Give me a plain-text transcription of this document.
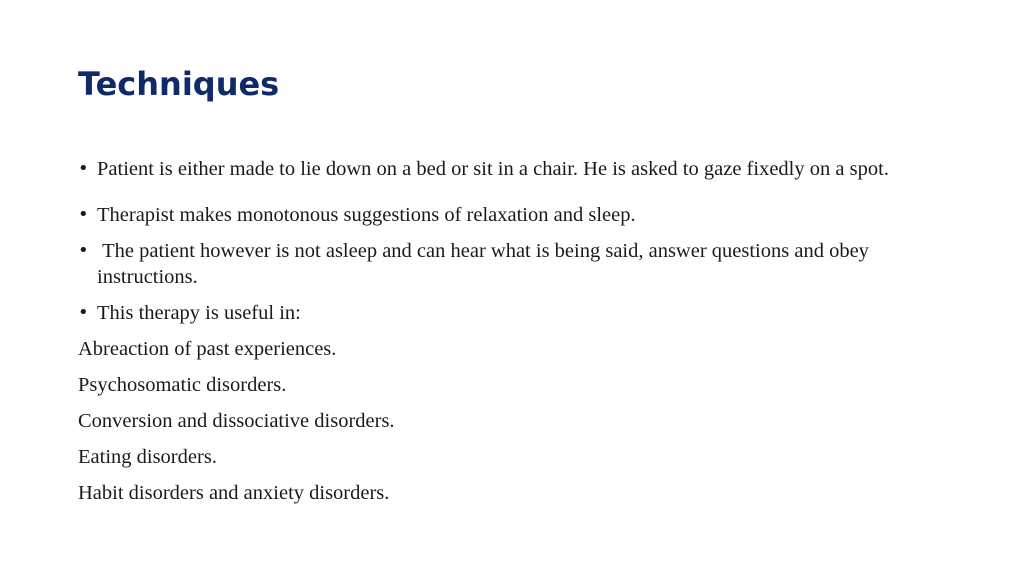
Techniques
• Patient is either made to lie down on a bed or sit in a chair. He is asked to gaze fixedly on a spot.
• Therapist makes monotonous suggestions of relaxation and sleep.
• The patient however is not asleep and can hear what is being said, answer questions and obey instructions.
• This therapy is useful in:

Abreaction of past experiences.

Psychosomatic disorders.

Conversion and dissociative disorders.

Eating disorders.

Habit disorders and anxiety disorders.
